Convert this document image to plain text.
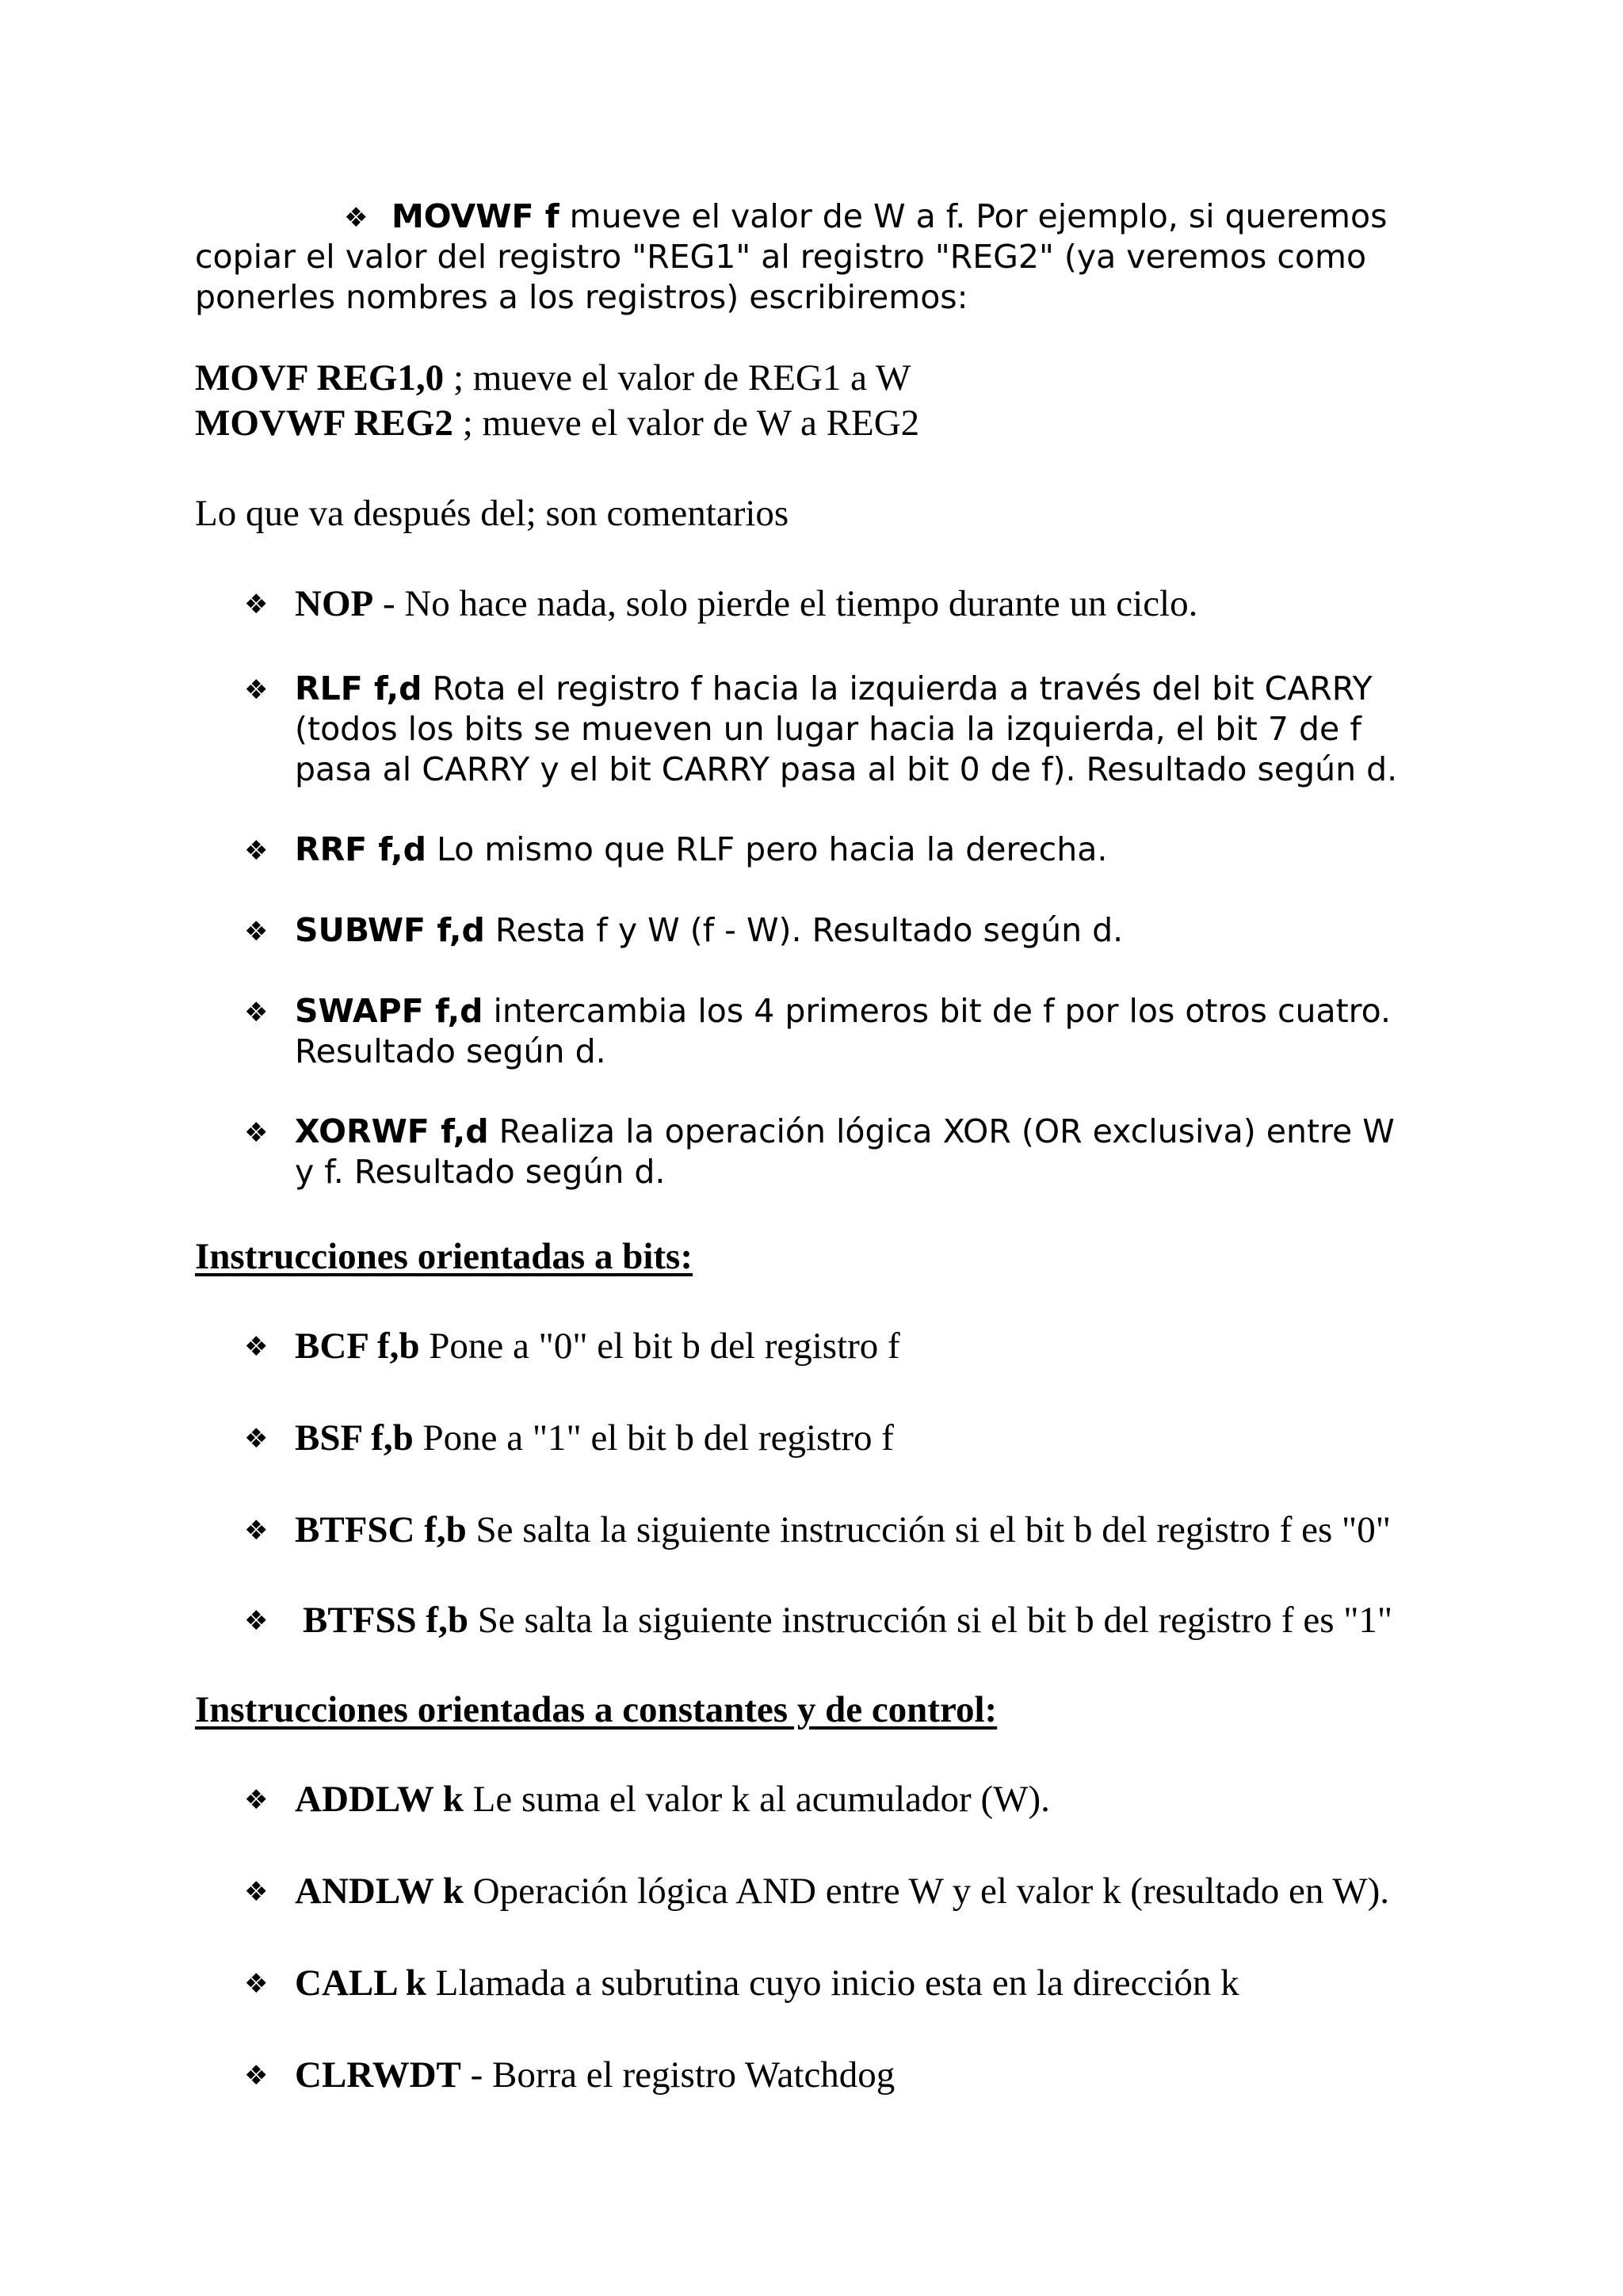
❖ MOVWF f mueve el valor de W a f. Por ejemplo, si queremos
copiar el valor del registro "REG1" al registro "REG2" (ya veremos como
ponerles nombres a los registros) escribiremos:
MOVF REG1,0 ; mueve el valor de REG1 a W
MOVWF REG2 ; mueve el valor de W a REG2
Lo que va después del; son comentarios
❖ NOP - No hace nada, solo pierde el tiempo durante un ciclo.
❖ RLF f,d Rota el registro f hacia la izquierda a través del bit CARRY
(todos los bits se mueven un lugar hacia la izquierda, el bit 7 de f
pasa al CARRY y el bit CARRY pasa al bit 0 de f). Resultado según d.
❖ RRF f,d Lo mismo que RLF pero hacia la derecha.
❖ SUBWF f,d Resta f y W (f - W). Resultado según d.
❖ SWAPF f,d intercambia los 4 primeros bit de f por los otros cuatro.
Resultado según d.
❖ XORWF f,d Realiza la operación lógica XOR (OR exclusiva) entre W
y f. Resultado según d.
Instrucciones orientadas a bits:
❖ BCF f,b Pone a "0" el bit b del registro f
❖ BSF f,b Pone a "1" el bit b del registro f
❖ BTFSC f,b Se salta la siguiente instrucción si el bit b del registro f es "0"
❖ BTFSS f,b Se salta la siguiente instrucción si el bit b del registro f es "1"
Instrucciones orientadas a constantes y de control:
❖ ADDLW k Le suma el valor k al acumulador (W).
❖ ANDLW k Operación lógica AND entre W y el valor k (resultado en W).
❖ CALL k Llamada a subrutina cuyo inicio esta en la dirección k
❖ CLRWDT - Borra el registro Watchdog
